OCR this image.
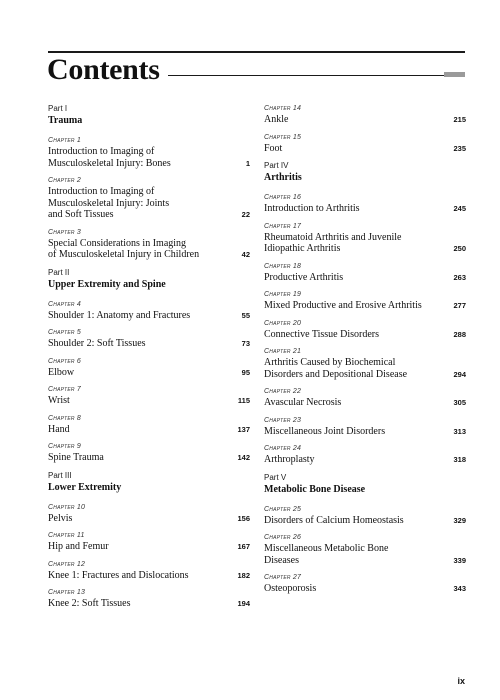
Contents
Part I
Trauma
Chapter 1
Introduction to Imaging of
Musculoskeletal Injury: Bones	1
Chapter 2
Introduction to Imaging of
Musculoskeletal Injury: Joints
and Soft Tissues	22
Chapter 3
Special Considerations in Imaging
of Musculoskeletal Injury in Children	42
Part II
Upper Extremity and Spine
Chapter 4
Shoulder 1: Anatomy and Fractures	55
Chapter 5
Shoulder 2: Soft Tissues	73
Chapter 6
Elbow	95
Chapter 7
Wrist	115
Chapter 8
Hand	137
Chapter 9
Spine Trauma	142
Part III
Lower Extremity
Chapter 10
Pelvis	156
Chapter 11
Hip and Femur	167
Chapter 12
Knee 1: Fractures and Dislocations	182
Chapter 13
Knee 2: Soft Tissues	194
Chapter 14
Ankle	215
Chapter 15
Foot	235
Part IV
Arthritis
Chapter 16
Introduction to Arthritis	245
Chapter 17
Rheumatoid Arthritis and Juvenile
Idiopathic Arthritis	250
Chapter 18
Productive Arthritis	263
Chapter 19
Mixed Productive and Erosive Arthritis	277
Chapter 20
Connective Tissue Disorders	288
Chapter 21
Arthritis Caused by Biochemical
Disorders and Depositional Disease	294
Chapter 22
Avascular Necrosis	305
Chapter 23
Miscellaneous Joint Disorders	313
Chapter 24
Arthroplasty	318
Part V
Metabolic Bone Disease
Chapter 25
Disorders of Calcium Homeostasis	329
Chapter 26
Miscellaneous Metabolic Bone
Diseases	339
Chapter 27
Osteoporosis	343
ix
